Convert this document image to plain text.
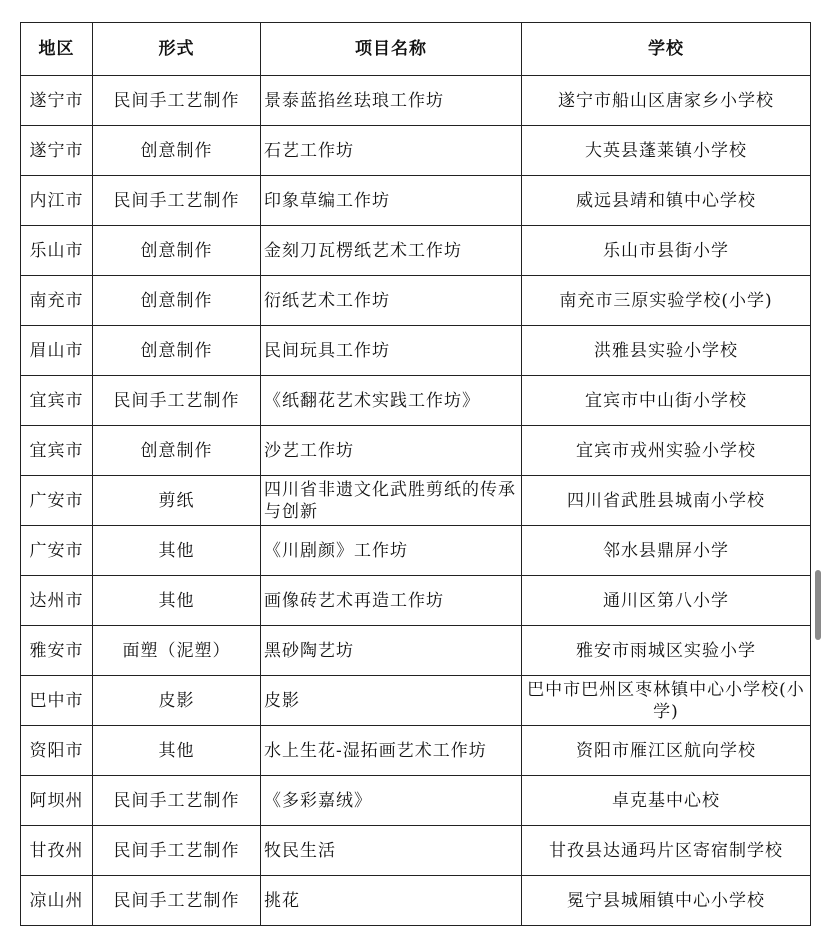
地区	形式	项目名称	学校
遂宁市	民间手工艺制作	景泰蓝掐丝珐琅工作坊	遂宁市船山区唐家乡小学校
遂宁市	创意制作	石艺工作坊	大英县蓬莱镇小学校
内江市	民间手工艺制作	印象草编工作坊	威远县靖和镇中心学校
乐山市	创意制作	金刻刀瓦楞纸艺术工作坊	乐山市县街小学
南充市	创意制作	衍纸艺术工作坊	南充市三原实验学校(小学)
眉山市	创意制作	民间玩具工作坊	洪雅县实验小学校
宜宾市	民间手工艺制作	《纸翻花艺术实践工作坊》	宜宾市中山街小学校
宜宾市	创意制作	沙艺工作坊	宜宾市戎州实验小学校
广安市	剪纸	四川省非遗文化武胜剪纸的传承与创新	四川省武胜县城南小学校
广安市	其他	《川剧颜》工作坊	邻水县鼎屏小学
达州市	其他	画像砖艺术再造工作坊	通川区第八小学
雅安市	面塑（泥塑）	黑砂陶艺坊	雅安市雨城区实验小学
巴中市	皮影	皮影	巴中市巴州区枣林镇中心小学校(小学)
资阳市	其他	水上生花-湿拓画艺术工作坊	资阳市雁江区航向学校
阿坝州	民间手工艺制作	《多彩嘉绒》	卓克基中心校
甘孜州	民间手工艺制作	牧民生活	甘孜县达通玛片区寄宿制学校
凉山州	民间手工艺制作	挑花	冕宁县城厢镇中心小学校
